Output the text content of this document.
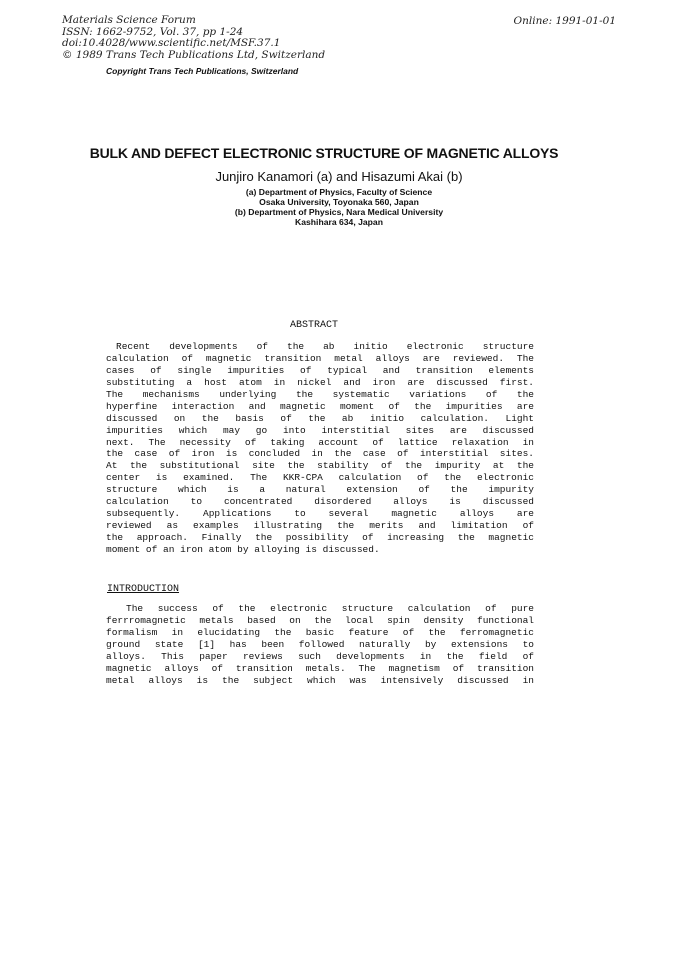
Materials Science Forum
ISSN: 1662-9752, Vol. 37, pp 1-24
doi:10.4028/www.scientific.net/MSF.37.1
© 1989 Trans Tech Publications Ltd, Switzerland
Online: 1991-01-01
Copyright Trans Tech Publications, Switzerland
BULK AND DEFECT ELECTRONIC STRUCTURE OF MAGNETIC ALLOYS
Junjiro Kanamori (a) and Hisazumi Akai (b)
(a) Department of Physics, Faculty of Science
Osaka University, Toyonaka 560, Japan
(b) Department of Physics, Nara Medical University
Kashihara 634, Japan
ABSTRACT
Recent developments of the ab initio electronic structure
calculation of magnetic transition metal alloys are reviewed. The
cases of single impurities of typical and transition elements
substituting a host atom in nickel and iron are discussed first.
The mechanisms underlying the systematic variations of the
hyperfine interaction and magnetic moment of the impurities are
discussed on the basis of the ab initio calculation. Light
impurities which may go into interstitial sites are discussed
next. The necessity of taking account of lattice relaxation in
the case of iron is concluded in the case of interstitial sites.
At the substitutional site the stability of the impurity at the
center is examined. The KKR-CPA calculation of the electronic
structure which is a natural extension of the impurity
calculation to concentrated disordered alloys is discussed
subsequently. Applications to several magnetic alloys are
reviewed as examples illustrating the merits and limitation of
the approach. Finally the possibility of increasing the magnetic
moment of an iron atom by alloying is discussed.
INTRODUCTION
The success of the electronic structure calculation of pure
ferrromagnetic metals based on the local spin density functional
formalism in elucidating the basic feature of the ferromagnetic
ground state [1] has been followed naturally by extensions to
alloys. This paper reviews such developments in the field of
magnetic alloys of transition metals. The magnetism of transition
metal alloys is the subject which was intensively discussed in
